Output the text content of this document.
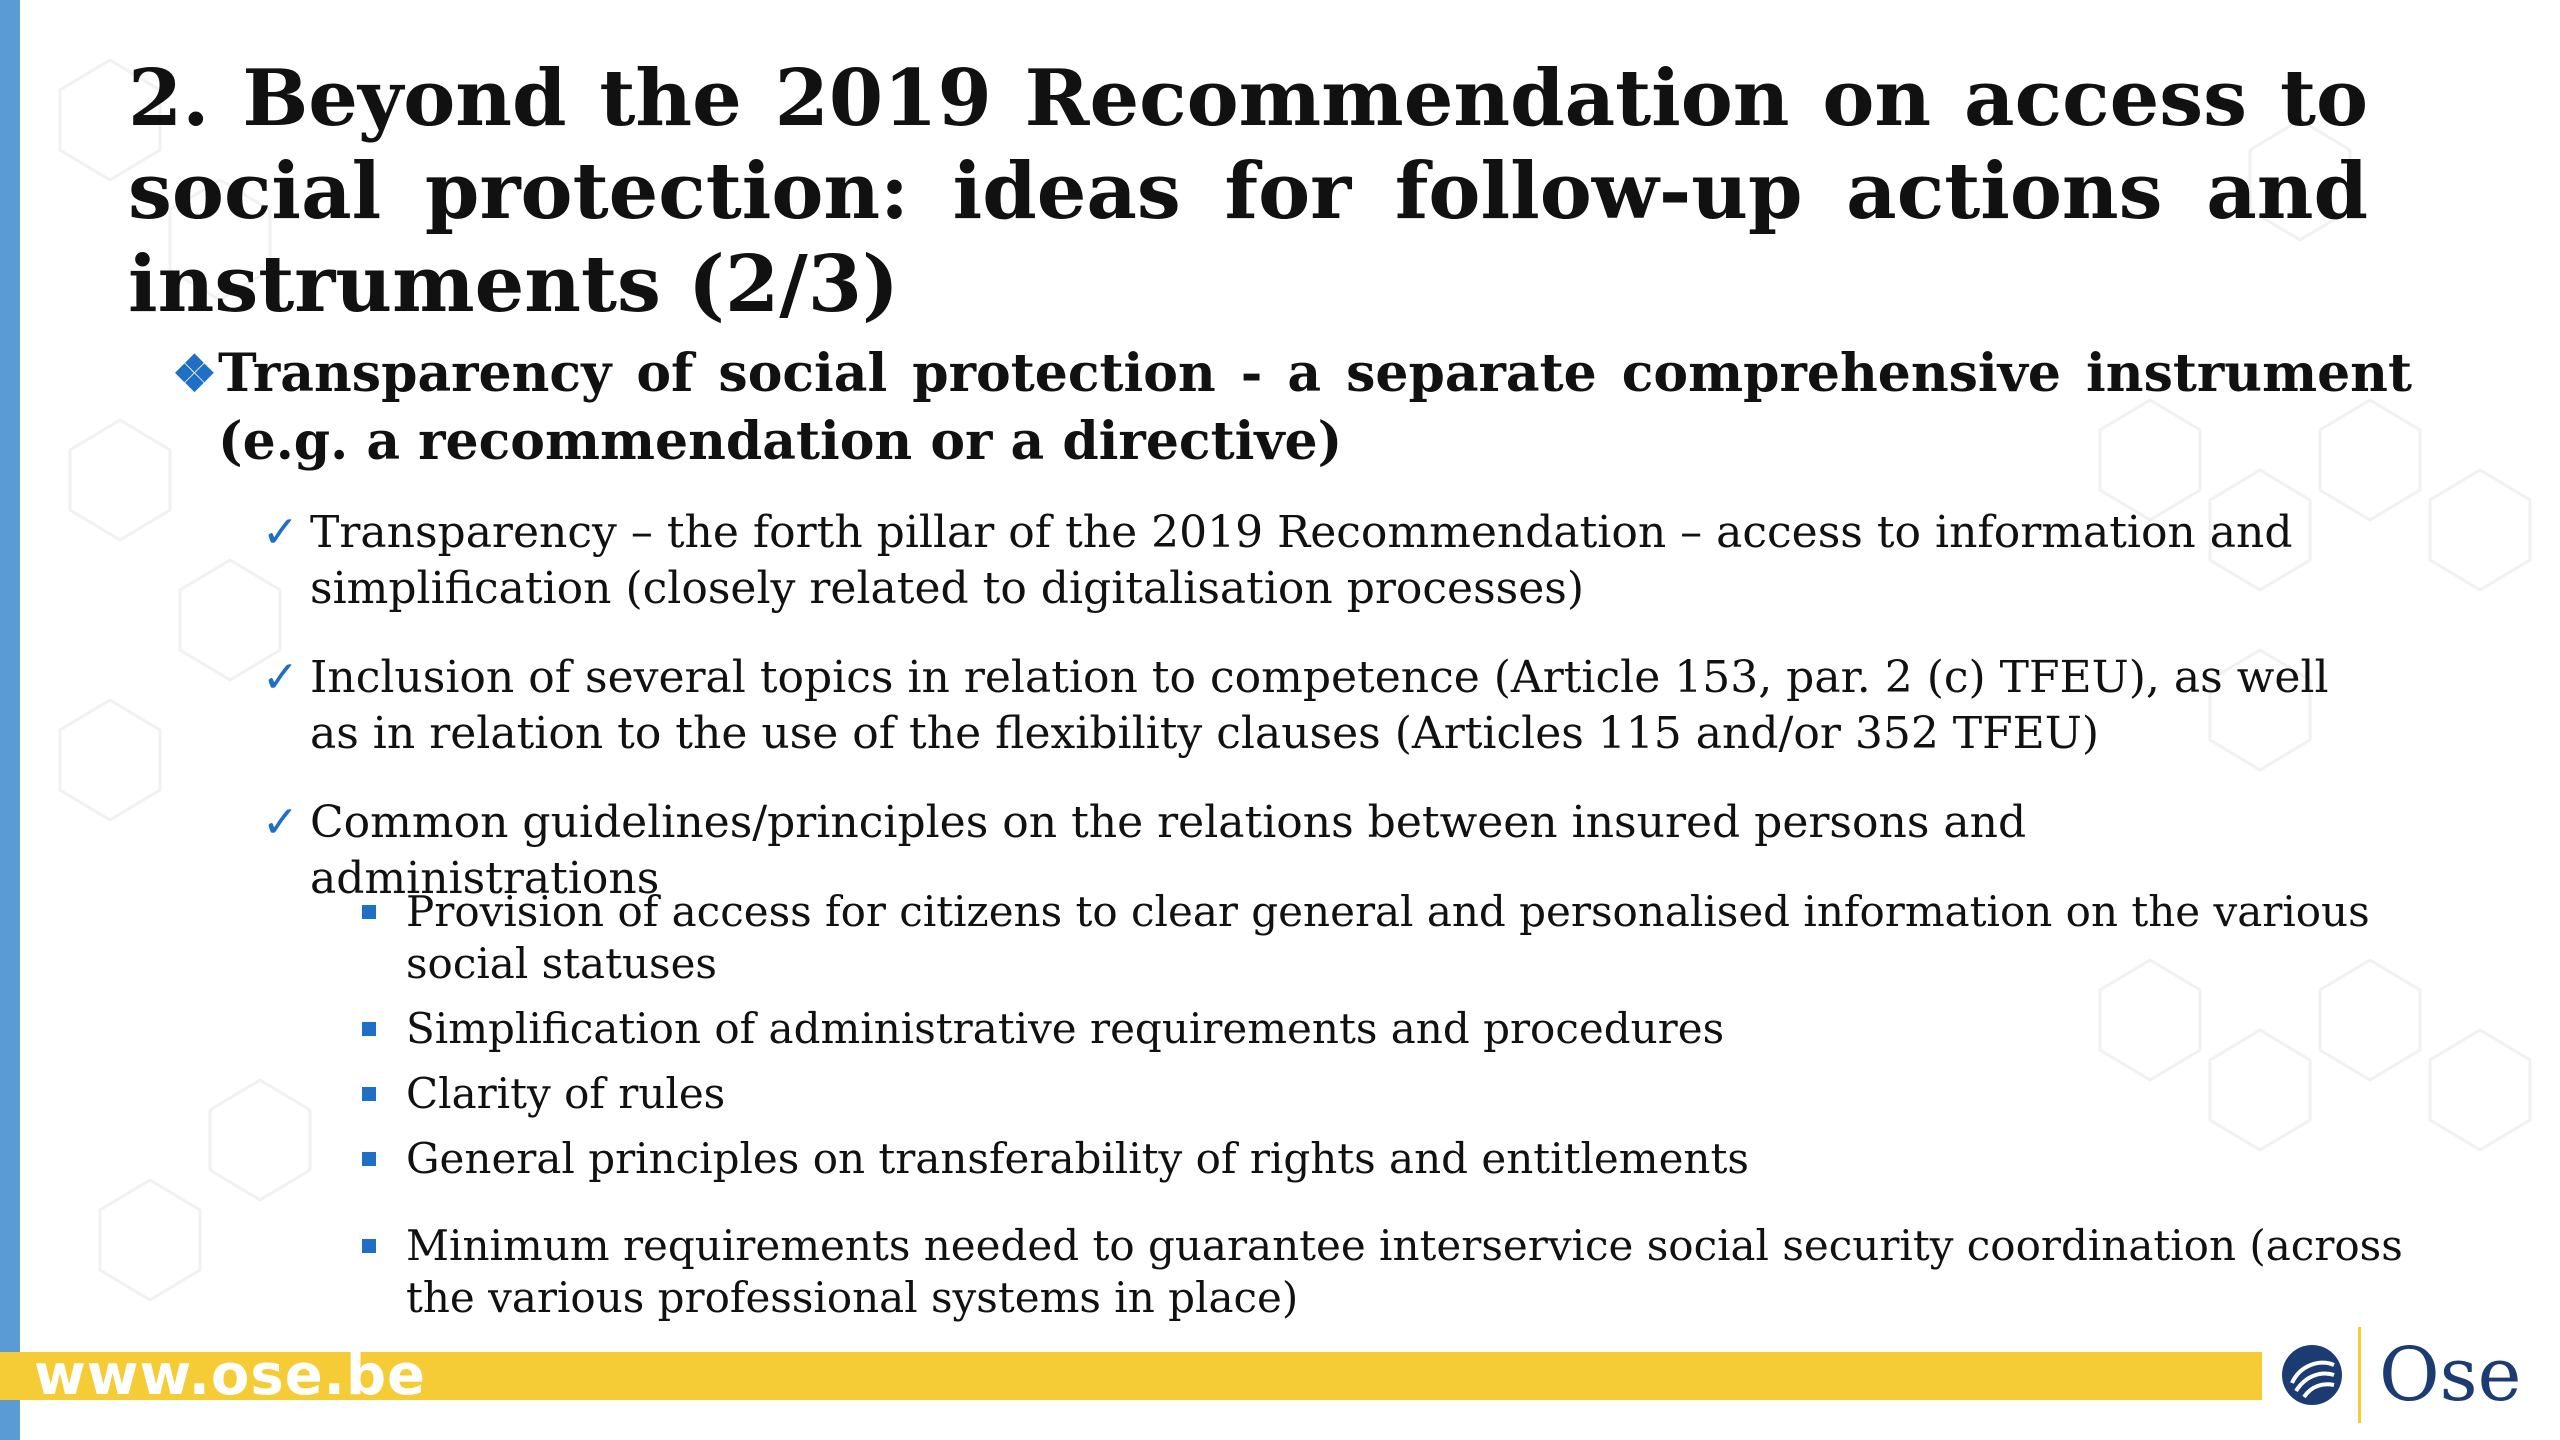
2. Beyond the 2019 Recommendation on access to social protection: ideas for follow-up actions and instruments (2/3)
❖ Transparency of social protection - a separate comprehensive instrument (e.g. a recommendation or a directive)
✓ Transparency – the forth pillar of the 2019 Recommendation – access to information and simplification (closely related to digitalisation processes)
✓ Inclusion of several topics in relation to competence (Article 153, par. 2 (c) TFEU), as well as in relation to the use of the flexibility clauses (Articles 115 and/or 352 TFEU)
✓ Common guidelines/principles on the relations between insured persons and administrations
Provision of access for citizens to clear general and personalised information on the various social statuses
Simplification of administrative requirements and procedures
Clarity of rules
General principles on transferability of rights and entitlements
Minimum requirements needed to guarantee interservice social security coordination (across the various professional systems in place)
www.ose.be	Ose
